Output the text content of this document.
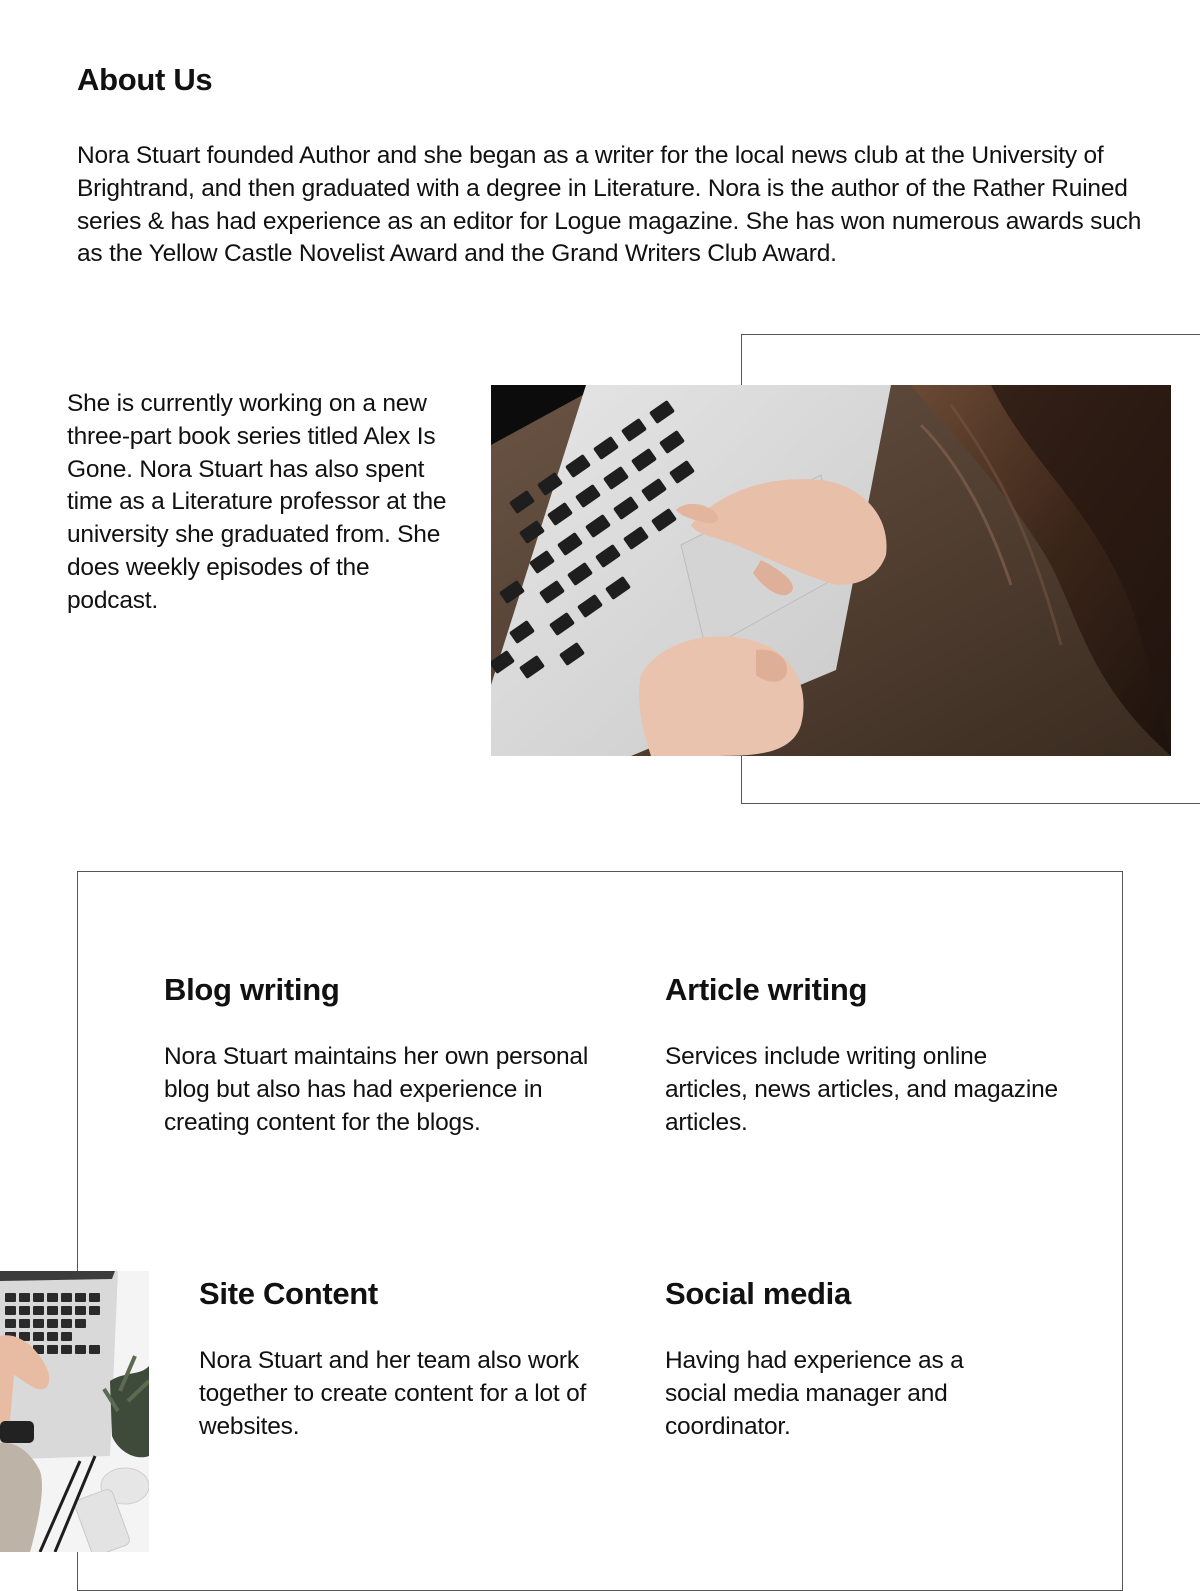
About Us

Nora Stuart founded Author and she began as a writer for the local news club at the University of Brightrand, and then graduated with a degree in Literature. Nora is the author of the Rather Ruined series & has had experience as an editor for Logue magazine. She has won numerous awards such as the Yellow Castle Novelist Award and the Grand Writers Club Award.

She is currently working on a new three-part book series titled Alex Is Gone. Nora Stuart has also spent time as a Literature professor at the university she graduated from. She does weekly episodes of the podcast.

Blog writing

Nora Stuart maintains her own personal blog but also has had experience in creating content for the blogs.

Article writing

Services include writing online articles, news articles, and magazine articles.

Site Content

Nora Stuart and her team also work together to create content for a lot of websites.

Social media

Having had experience as a social media manager and coordinator.
